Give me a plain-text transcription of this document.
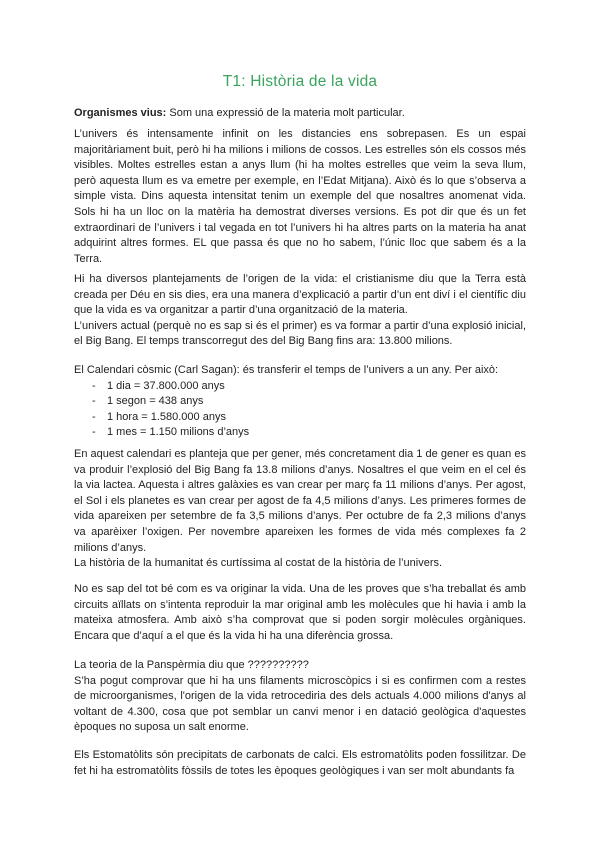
T1: Història de la vida

Organismes vius: Som una expressió de la materia molt particular.

L’univers és intensamente infinit on les distancies ens sobrepasen. Es un espai majoritàriament buit, però hi ha milions i milions de cossos. Les estrelles són els cossos més visibles. Moltes estrelles estan a anys llum (hi ha moltes estrelles que veim la seva llum, però aquesta llum es va emetre per exemple, en l’Edat Mitjana). Això és lo que s’observa a simple vista. Dins aquesta intensitat tenim un exemple del que nosaltres anomenat vida. Sols hi ha un lloc on la matèria ha demostrat diverses versions. Es pot dir que és un fet extraordinari de l’univers i tal vegada en tot l’univers hi ha altres parts on la materia ha anat adquirint altres formes. EL que passa és que no ho sabem, l’únic lloc que sabem és a la Terra.

Hi ha diversos plantejaments de l’origen de la vida: el cristianisme diu que la Terra està creada per Déu en sis dies, era una manera d’explicació a partir d’un ent diví i el científic diu que la vida es va organitzar a partir d’una organització de la materia.

L’univers actual (perquè no es sap si és el primer) es va formar a partir d’una explosió inicial, el Big Bang. El temps transcorregut des del Big Bang fins ara: 13.800 milions.

El Calendari còsmic (Carl Sagan): és transferir el temps de l’univers a un any. Per això:

-	1 dia = 37.800.000 anys
-	1 segon = 438 anys
-	1 hora = 1.580.000 anys
-	1 mes = 1.150 milions d’anys

En aquest calendari es planteja que per gener, més concretament dia 1 de gener es quan es va produir l’explosió del Big Bang fa 13.8 milions d’anys. Nosaltres el que veim en el cel és la via lactea. Aquesta i altres galàxies es van crear per març fa 11 milions d’anys. Per agost, el Sol i els planetes es van crear per agost de fa 4,5 milions d’anys. Les primeres formes de vida apareixen per setembre de fa 3,5 milions d’anys. Per octubre de fa 2,3 milions d’anys va aparèixer l’oxigen. Per novembre apareixen les formes de vida més complexes fa 2 milions d’anys.

La història de la humanitat és curtíssima al costat de la història de l’univers.

No es sap del tot bé com es va originar la vida. Una de les proves que s’ha treballat és amb circuits aïllats on s’intenta reproduir la mar original amb les molècules que hi havia i amb la mateixa atmosfera. Amb això s’ha comprovat que si poden sorgir molècules orgàniques. Encara que d’aquí a el que és la vida hi ha una diferència grossa.

La teoria de la Panspèrmia diu que ??????????

S’ha pogut comprovar que hi ha uns filaments microscòpics i si es confirmen com a restes de microorganismes, l'origen de la vida retrocediria des dels actuals 4.000 milions d'anys al voltant de 4.300, cosa que pot semblar un canvi menor i en datació geològica d'aquestes èpoques no suposa un salt enorme.

Els Estomatòlits són precipitats de carbonats de calci. Els estromatòlits poden fossilitzar. De fet hi ha estromatòlits fòssils de totes les èpoques geològiques i van ser molt abundants fa
